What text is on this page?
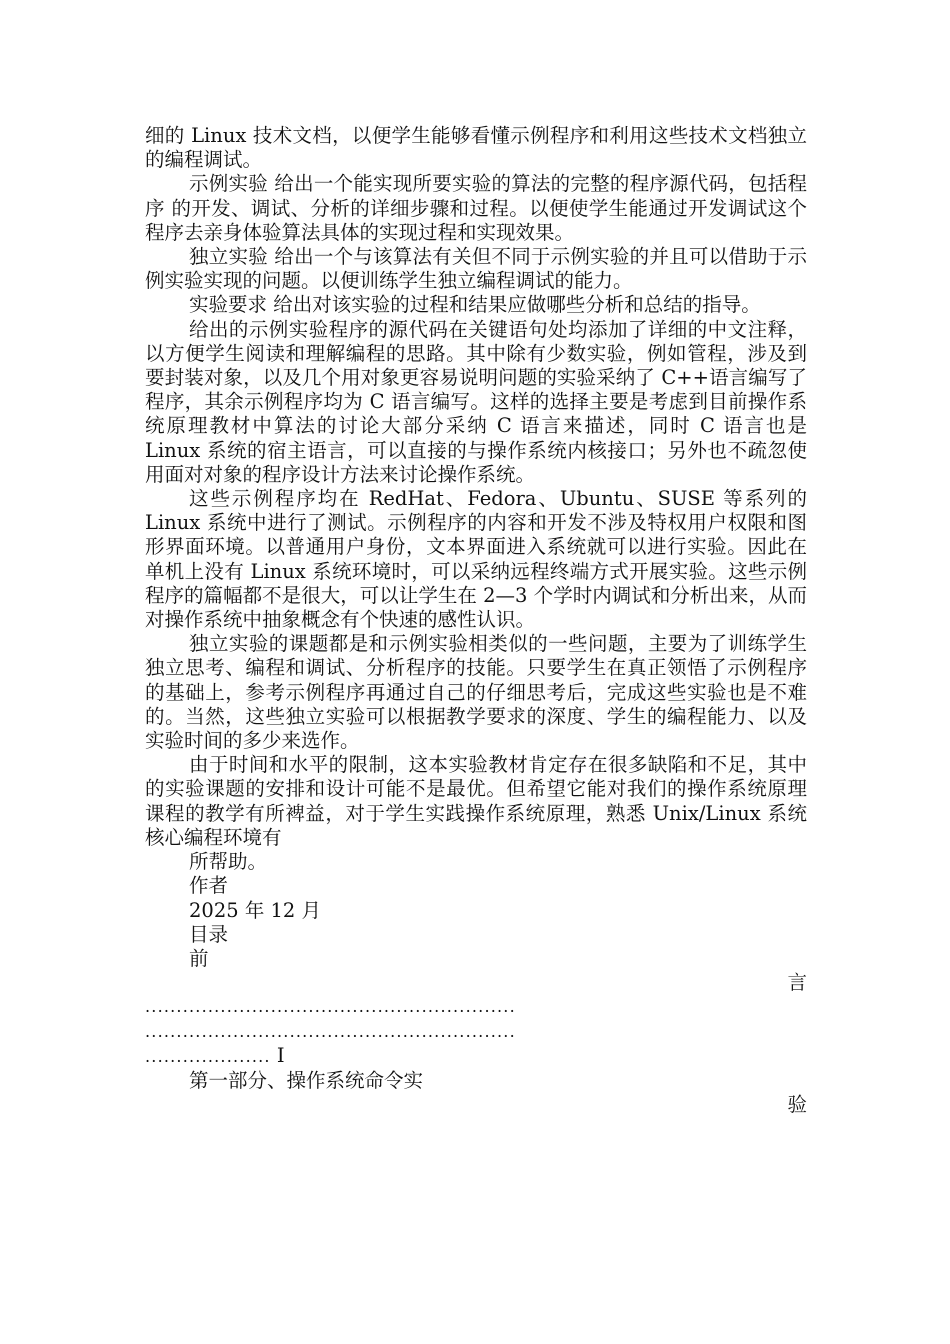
细的 Linux 技术文档，以便学生能够看懂示例程序和利用这些技术文档独立的编程调试。

示例实验 给出一个能实现所要实验的算法的完整的程序源代码，包括程序 的开发、调试、分析的详细步骤和过程。以便使学生能通过开发调试这个程序去亲身体验算法具体的实现过程和实现效果。

独立实验 给出一个与该算法有关但不同于示例实验的并且可以借助于示例实验实现的问题。以便训练学生独立编程调试的能力。

实验要求 给出对该实验的过程和结果应做哪些分析和总结的指导。

给出的示例实验程序的源代码在关键语句处均添加了详细的中文注释，以方便学生阅读和理解编程的思路。其中除有少数实验，例如管程，涉及到要封装对象，以及几个用对象更容易说明问题的实验采纳了 C++语言编写了程序，其余示例程序均为 C 语言编写。这样的选择主要是考虑到目前操作系统原理教材中算法的讨论大部分采纳 C 语言来描述，同时 C 语言也是 Linux 系统的宿主语言，可以直接的与操作系统内核接口；另外也不疏忽使用面对对象的程序设计方法来讨论操作系统。

这些示例程序均在 RedHat、Fedora、Ubuntu、SUSE 等系列的 Linux 系统中进行了测试。示例程序的内容和开发不涉及特权用户权限和图形界面环境。以普通用户身份，文本界面进入系统就可以进行实验。因此在单机上没有 Linux 系统环境时，可以采纳远程终端方式开展实验。这些示例程序的篇幅都不是很大，可以让学生在 2—3 个学时内调试和分析出来，从而对操作系统中抽象概念有个快速的感性认识。

独立实验的课题都是和示例实验相类似的一些问题，主要为了训练学生独立思考、编程和调试、分析程序的技能。只要学生在真正领悟了示例程序的基础上，参考示例程序再通过自己的仔细思考后，完成这些实验也是不难的。当然，这些独立实验可以根据教学要求的深度、学生的编程能力、以及实验时间的多少来选作。

由于时间和水平的限制，这本实验教材肯定存在很多缺陷和不足，其中的实验课题的安排和设计可能不是最优。但希望它能对我们的操作系统原理课程的教学有所裨益，对于学生实践操作系统原理，熟悉 Unix/Linux 系统核心编程环境有

所帮助。

作者

2025 年 12 月

目录

前

言

...........................................................

...........................................................

.................... I

第一部分、操作系统命令实

验
